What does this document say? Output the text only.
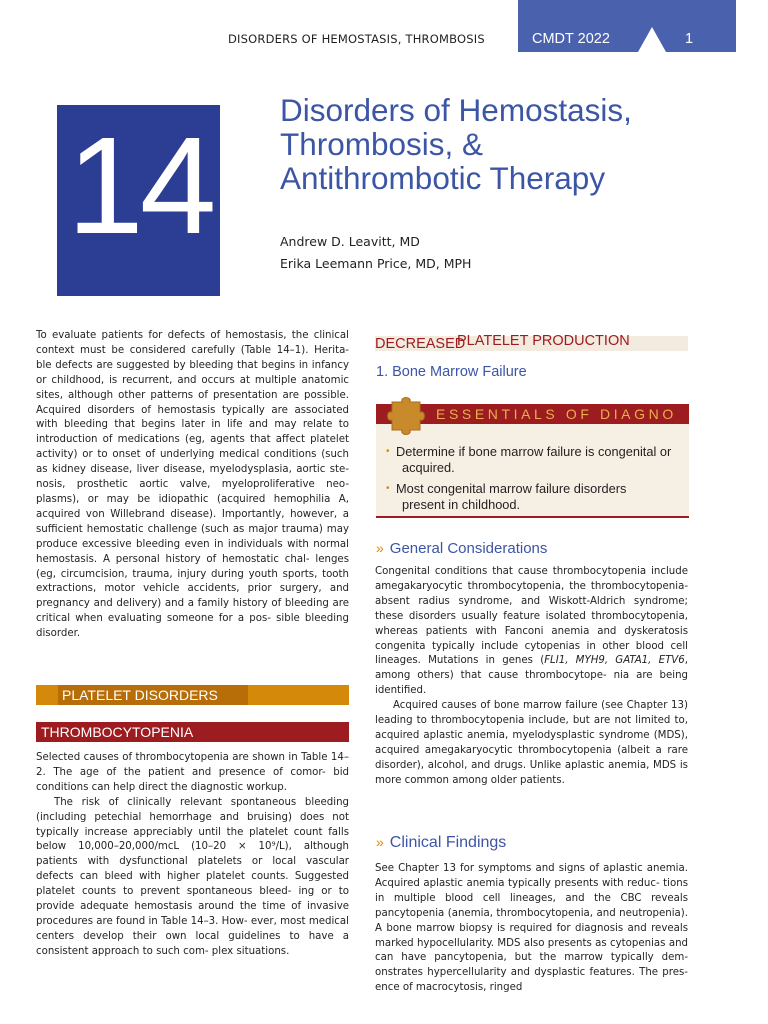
DISORDERS OF HEMOSTASIS, THROMBOSIS	CMDT 2022	1
14 Disorders of Hemostasis,
Thrombosis, &
Antithrombotic Therapy
Andrew D. Leavitt, MD
Erika Leemann Price, MD, MPH

To evaluate patients for defects of hemostasis, the clinical context must be considered carefully (Table 14–1). Herita- ble defects are suggested by bleeding that begins in infancy or childhood, is recurrent, and occurs at multiple anatomic sites, although other patterns of presentation are possible. Acquired disorders of hemostasis typically are associated with bleeding that begins later in life and may relate to introduction of medications (eg, agents that affect platelet activity) or to onset of underlying medical conditions (such as kidney disease, liver disease, myelodysplasia, aortic ste- nosis, prosthetic aortic valve, myeloproliferative neo- plasms), or may be idiopathic (acquired hemophilia A, acquired von Willebrand disease). Importantly, however, a sufficient hemostatic challenge (such as major trauma) may produce excessive bleeding even in individuals with normal hemostasis. A personal history of hemostatic chal- lenges (eg, circumcision, trauma, injury during youth sports, tooth extractions, motor vehicle accidents, prior surgery, and pregnancy and delivery) and a family history of bleeding are critical when evaluating someone for a pos- sible bleeding disorder.

PLATELET DISORDERS
THROMBOCYTOPENIA

Selected causes of thrombocytopenia are shown in Table 14–2. The age of the patient and presence of comor- bid conditions can help direct the diagnostic workup.

The risk of clinically relevant spontaneous bleeding (including petechial hemorrhage and bruising) does not typically increase appreciably until the platelet count falls below 10,000–20,000/mcL (10–20 × 10⁹/L), although patients with dysfunctional platelets or local vascular defects can bleed with higher platelet counts. Suggested platelet counts to prevent spontaneous bleed- ing or to provide adequate hemostasis around the time of invasive procedures are found in Table 14–3. How- ever, most medical centers develop their own local guidelines to have a consistent approach to such com- plex situations.

DECREASED
PLATELET PRODUCTION
1. Bone Marrow Failure
ESSENTIALS OF DIAGNO
• Determine if bone marrow failure is congenital or
acquired.
• Most congenital marrow failure disorders
present in childhood.
» General Considerations

Congenital conditions that cause thrombocytopenia include amegakaryocytic thrombocytopenia, the thrombocytopenia-absent radius syndrome, and Wiskott-Aldrich syndrome; these disorders usually feature isolated thrombocytopenia, whereas patients with Fanconi anemia and dyskeratosis congenita typically include cytopenias in other blood cell lineages. Mutations in genes (FLI1, MYH9, GATA1, ETV6, among others) that cause thrombocytope- nia are being identified.

Acquired causes of bone marrow failure (see Chapter 13) leading to thrombocytopenia include, but are not limited to, acquired aplastic anemia, myelodysplastic syndrome (MDS), acquired amegakaryocytic thrombocytopenia (albeit a rare disorder), alcohol, and drugs. Unlike aplastic anemia, MDS is more common among older patients.

» Clinical Findings

See Chapter 13 for symptoms and signs of aplastic anemia. Acquired aplastic anemia typically presents with reduc- tions in multiple blood cell lineages, and the CBC reveals pancytopenia (anemia, thrombocytopenia, and neutropenia). A bone marrow biopsy is required for diagnosis and reveals marked hypocellularity. MDS also presents as cytopenias and can have pancytopenia, but the marrow typically dem- onstrates hypercellularity and dysplastic features. The pres- ence of macrocytosis, ringed
